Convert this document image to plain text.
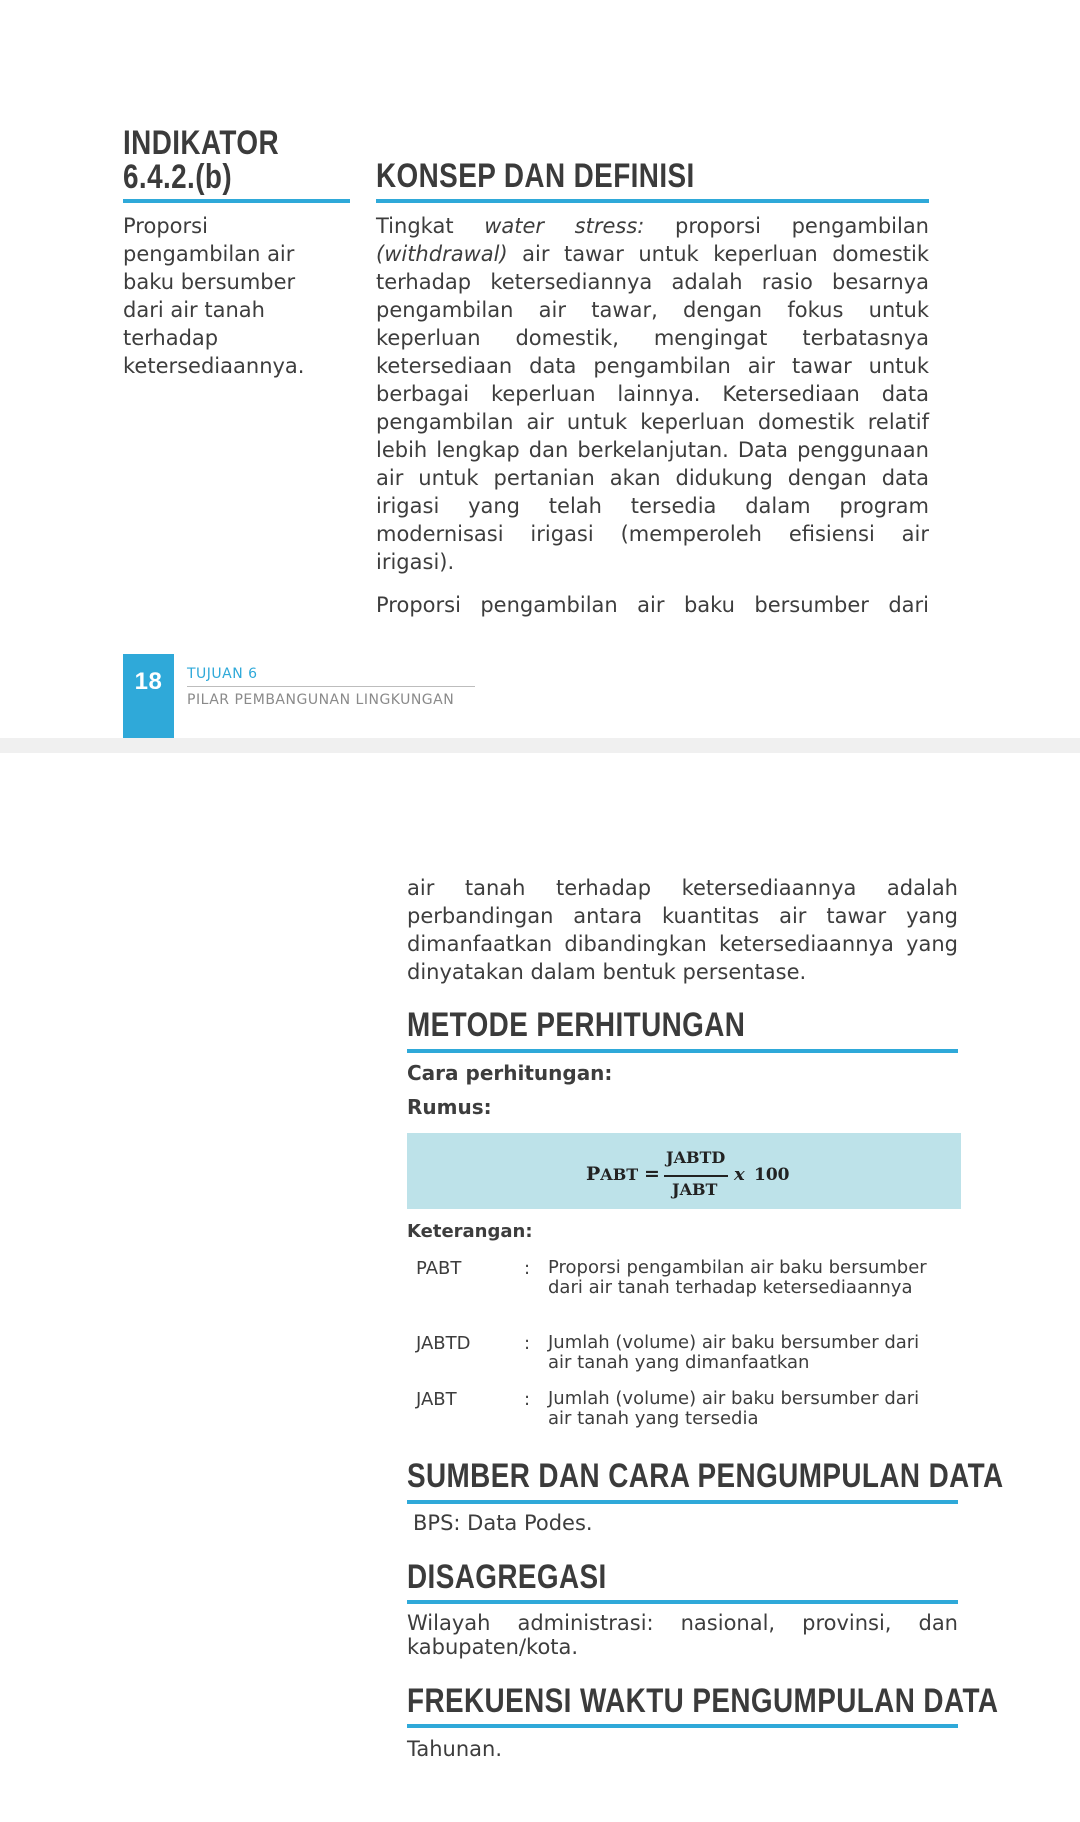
INDIKATOR
6.4.2.(b)

Proporsi pengambilan air baku bersumber dari air tanah terhadap ketersediaannya.

KONSEP DAN DEFINISI

Tingkat water stress: proporsi pengambilan (withdrawal) air tawar untuk keperluan domestik terhadap ketersediannya adalah rasio besarnya pengambilan air tawar, dengan fokus untuk keperluan domestik, mengingat terbatasnya ketersediaan data pengambilan air tawar untuk berbagai keperluan lainnya. Ketersediaan data pengambilan air untuk keperluan domestik relatif lebih lengkap dan berkelanjutan. Data penggunaan air untuk pertanian akan didukung dengan data irigasi yang telah tersedia dalam program modernisasi irigasi (memperoleh efisiensi air irigasi).

Proporsi pengambilan air baku bersumber dari

18	TUJUAN 6
PILAR PEMBANGUNAN LINGKUNGAN

air tanah terhadap ketersediaannya adalah perbandingan antara kuantitas air tawar yang dimanfaatkan dibandingkan ketersediaannya yang dinyatakan dalam bentuk persentase.

METODE PERHITUNGAN
Cara perhitungan:
Rumus:
PABT =
JABTD
JABT
x 100
Keterangan:
PABT	: Proporsi pengambilan air baku bersumber dari air tanah terhadap ketersediaannya

JABTD	: Jumlah (volume) air baku bersumber dari air tanah yang dimanfaatkan

JABT	: Jumlah (volume) air baku bersumber dari air tanah yang tersedia

SUMBER DAN CARA PENGUMPULAN DATA
BPS: Data Podes.
DISAGREGASI

Wilayah administrasi: nasional, provinsi, dan kabupaten/kota.

FREKUENSI WAKTU PENGUMPULAN DATA
Tahunan.
